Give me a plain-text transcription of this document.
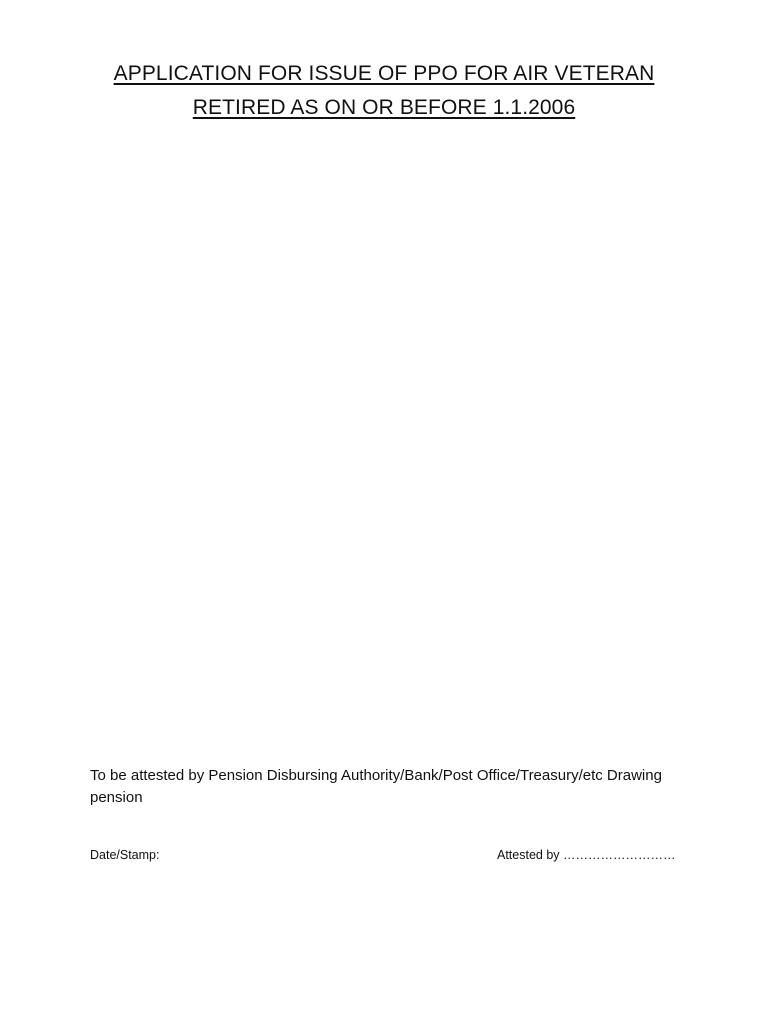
APPLICATION FOR ISSUE OF PPO FOR AIR VETERAN
RETIRED AS ON OR BEFORE 1.1.2006
To be attested by Pension Disbursing Authority/Bank/Post Office/Treasury/etc Drawing pension
Date/Stamp:	Attested by ………………………
